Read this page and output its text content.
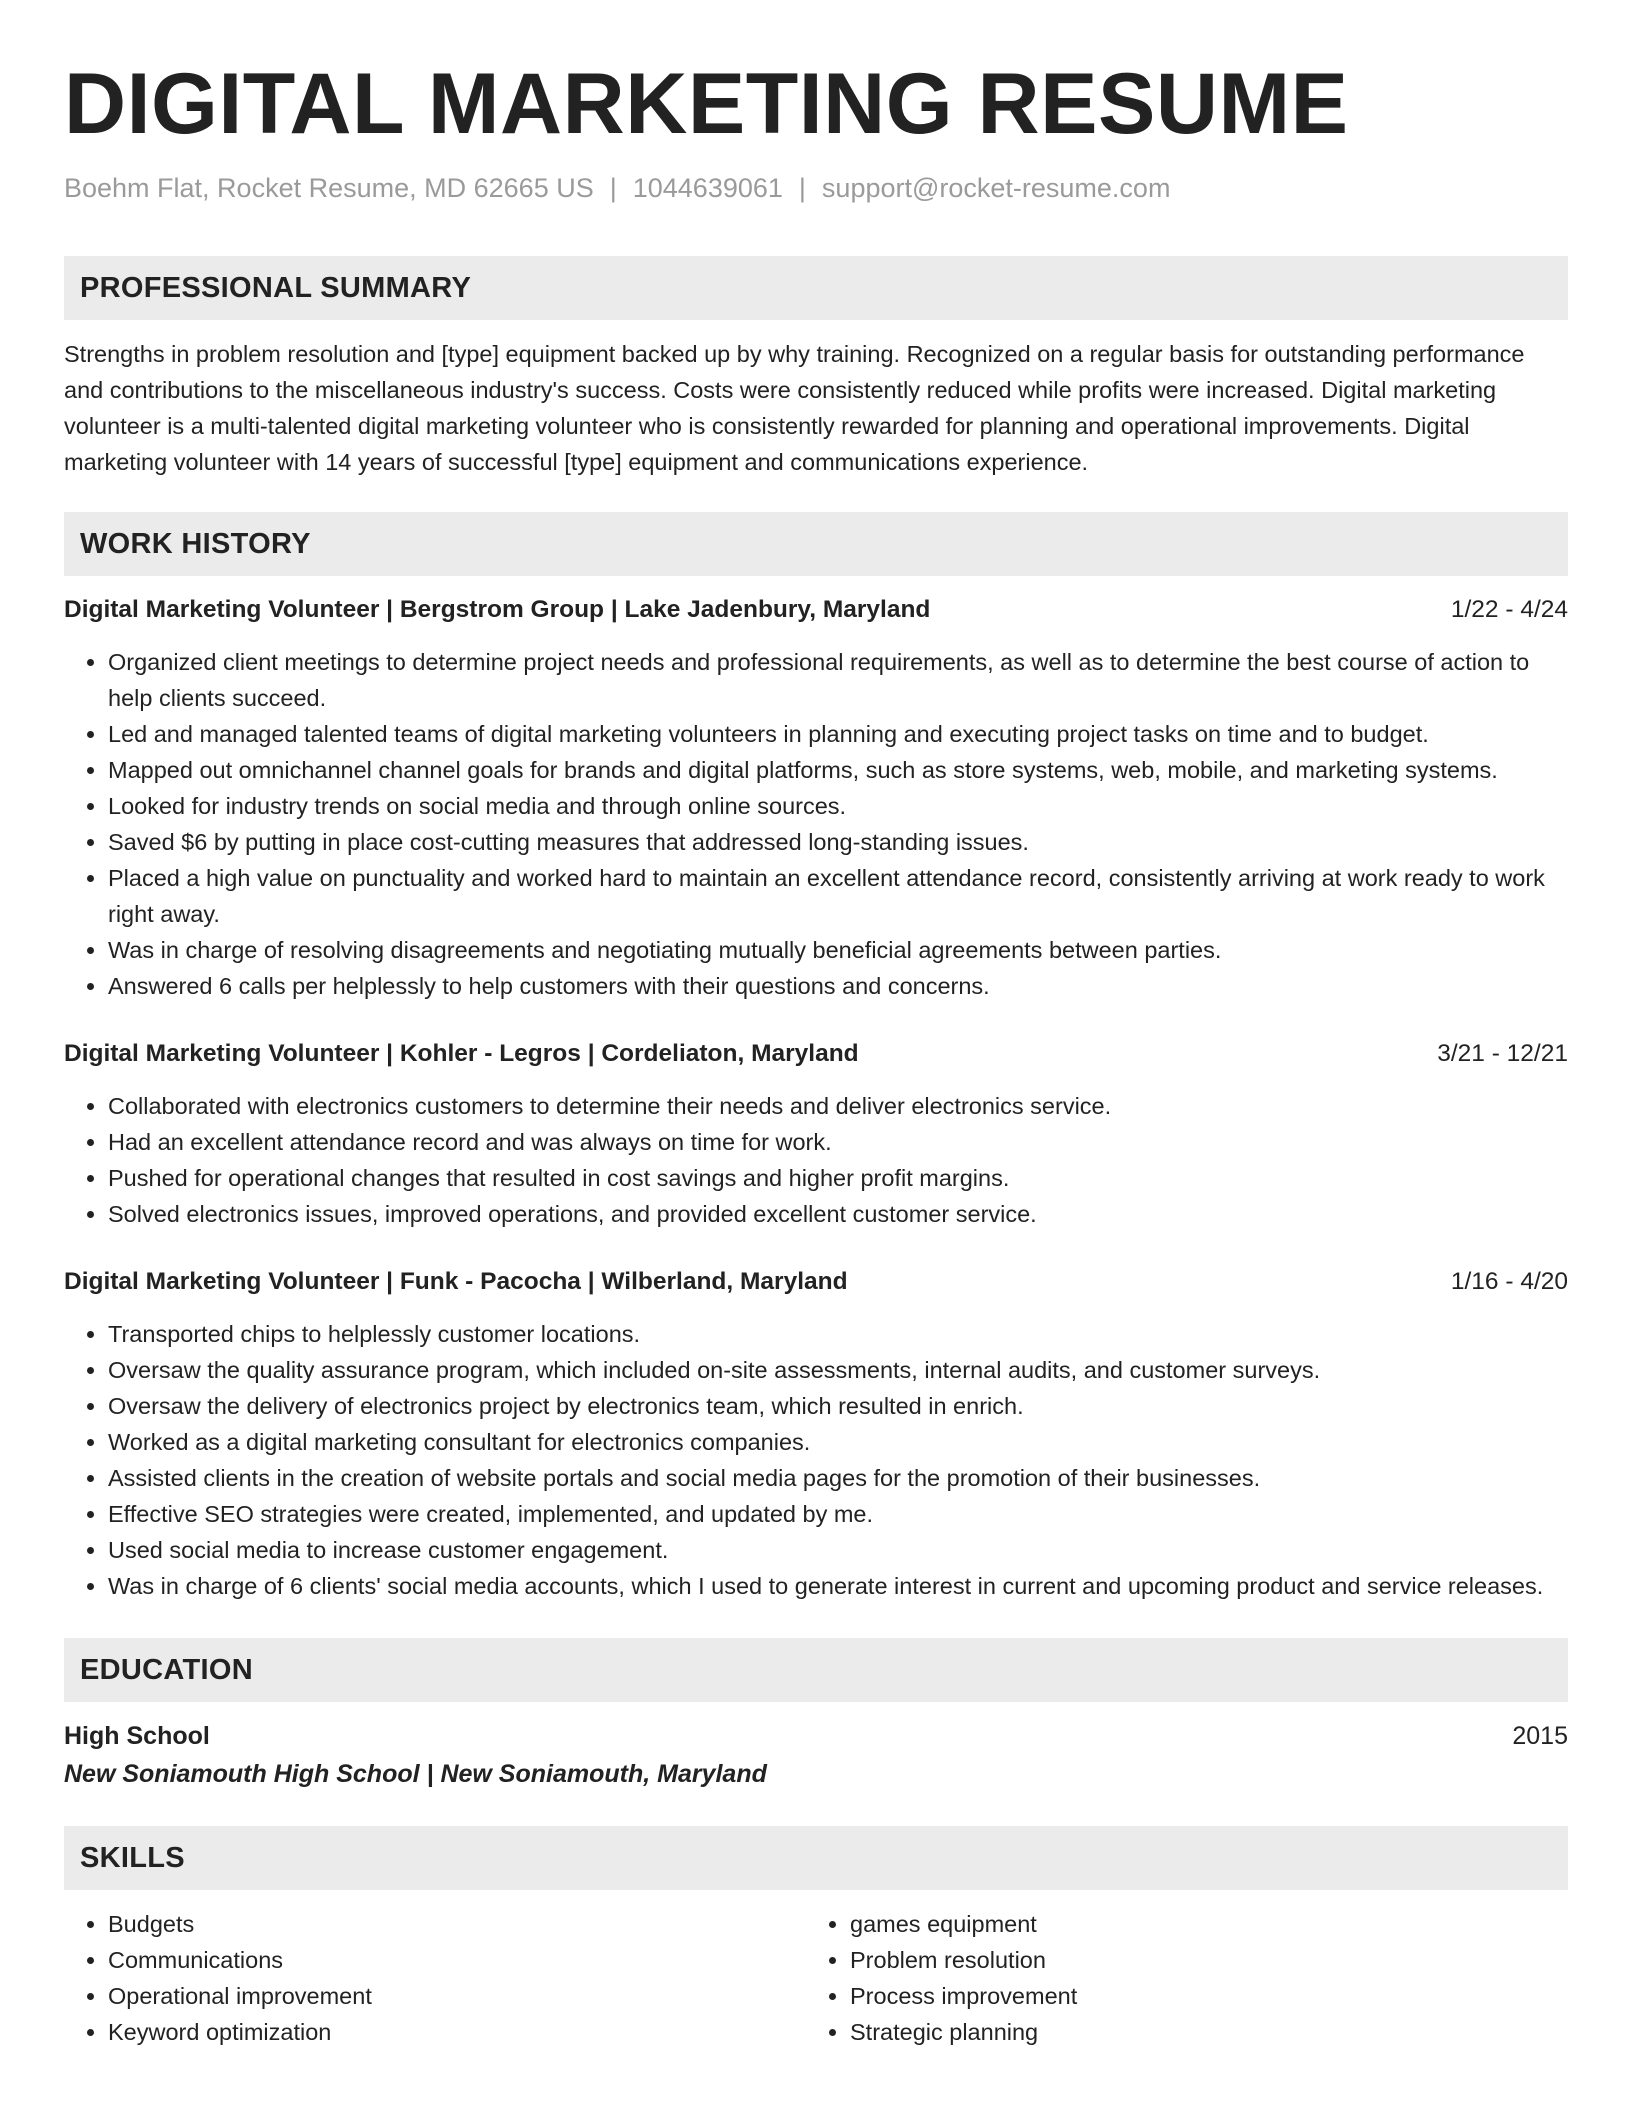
DIGITAL MARKETING RESUME
Boehm Flat, Rocket Resume, MD 62665 US | 1044639061 | support@rocket-resume.com
PROFESSIONAL SUMMARY
Strengths in problem resolution and [type] equipment backed up by why training. Recognized on a regular basis for outstanding performance and contributions to the miscellaneous industry's success. Costs were consistently reduced while profits were increased. Digital marketing volunteer is a multi-talented digital marketing volunteer who is consistently rewarded for planning and operational improvements. Digital marketing volunteer with 14 years of successful [type] equipment and communications experience.
WORK HISTORY
Digital Marketing Volunteer | Bergstrom Group | Lake Jadenbury, Maryland	1/22 - 4/24
• Organized client meetings to determine project needs and professional requirements, as well as to determine the best course of action to help clients succeed.
• Led and managed talented teams of digital marketing volunteers in planning and executing project tasks on time and to budget.
• Mapped out omnichannel channel goals for brands and digital platforms, such as store systems, web, mobile, and marketing systems.
• Looked for industry trends on social media and through online sources.
• Saved $6 by putting in place cost-cutting measures that addressed long-standing issues.
• Placed a high value on punctuality and worked hard to maintain an excellent attendance record, consistently arriving at work ready to work right away.
• Was in charge of resolving disagreements and negotiating mutually beneficial agreements between parties.
• Answered 6 calls per helplessly to help customers with their questions and concerns.
Digital Marketing Volunteer | Kohler - Legros | Cordeliaton, Maryland	3/21 - 12/21
• Collaborated with electronics customers to determine their needs and deliver electronics service.
• Had an excellent attendance record and was always on time for work.
• Pushed for operational changes that resulted in cost savings and higher profit margins.
• Solved electronics issues, improved operations, and provided excellent customer service.
Digital Marketing Volunteer | Funk - Pacocha | Wilberland, Maryland	1/16 - 4/20
• Transported chips to helplessly customer locations.
• Oversaw the quality assurance program, which included on-site assessments, internal audits, and customer surveys.
• Oversaw the delivery of electronics project by electronics team, which resulted in enrich.
• Worked as a digital marketing consultant for electronics companies.
• Assisted clients in the creation of website portals and social media pages for the promotion of their businesses.
• Effective SEO strategies were created, implemented, and updated by me.
• Used social media to increase customer engagement.
• Was in charge of 6 clients' social media accounts, which I used to generate interest in current and upcoming product and service releases.
EDUCATION
High School	2015
New Soniamouth High School | New Soniamouth, Maryland
SKILLS
• Budgets
• Communications
• Operational improvement
• Keyword optimization
• games equipment
• Problem resolution
• Process improvement
• Strategic planning
